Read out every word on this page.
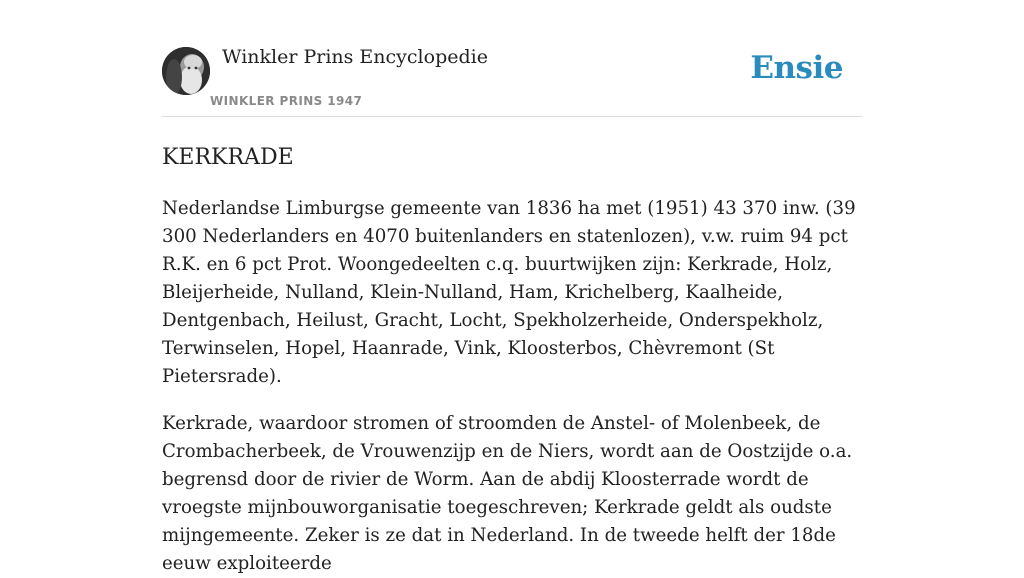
Winkler Prins Encyclopedie
WINKLER PRINS 1947
Ensie
KERKRADE

Nederlandse Limburgse gemeente van 1836 ha met (1951) 43 370 inw. (39 300 Nederlanders en 4070 buitenlanders en statenlozen), v.w. ruim 94 pct R.K. en 6 pct Prot. Woongedeelten c.q. buurtwijken zijn: Kerkrade, Holz, Bleijerheide, Nulland, Klein-Nulland, Ham, Krichelberg, Kaalheide, Dentgenbach, Heilust, Gracht, Locht, Spekholzerheide, Onderspekholz, Terwinselen, Hopel, Haanrade, Vink, Kloosterbos, Chèvremont (St Pietersrade).

Kerkrade, waardoor stromen of stroomden de Anstel- of Molenbeek, de Crombacherbeek, de Vrouwenzijp en de Niers, wordt aan de Oostzijde o.a. begrensd door de rivier de Worm. Aan de abdij Kloosterrade wordt de vroegste mijnbouworganisatie toegeschreven; Kerkrade geldt als oudste mijngemeente. Zeker is ze dat in Nederland. In de tweede helft der 18de eeuw exploiteerde
